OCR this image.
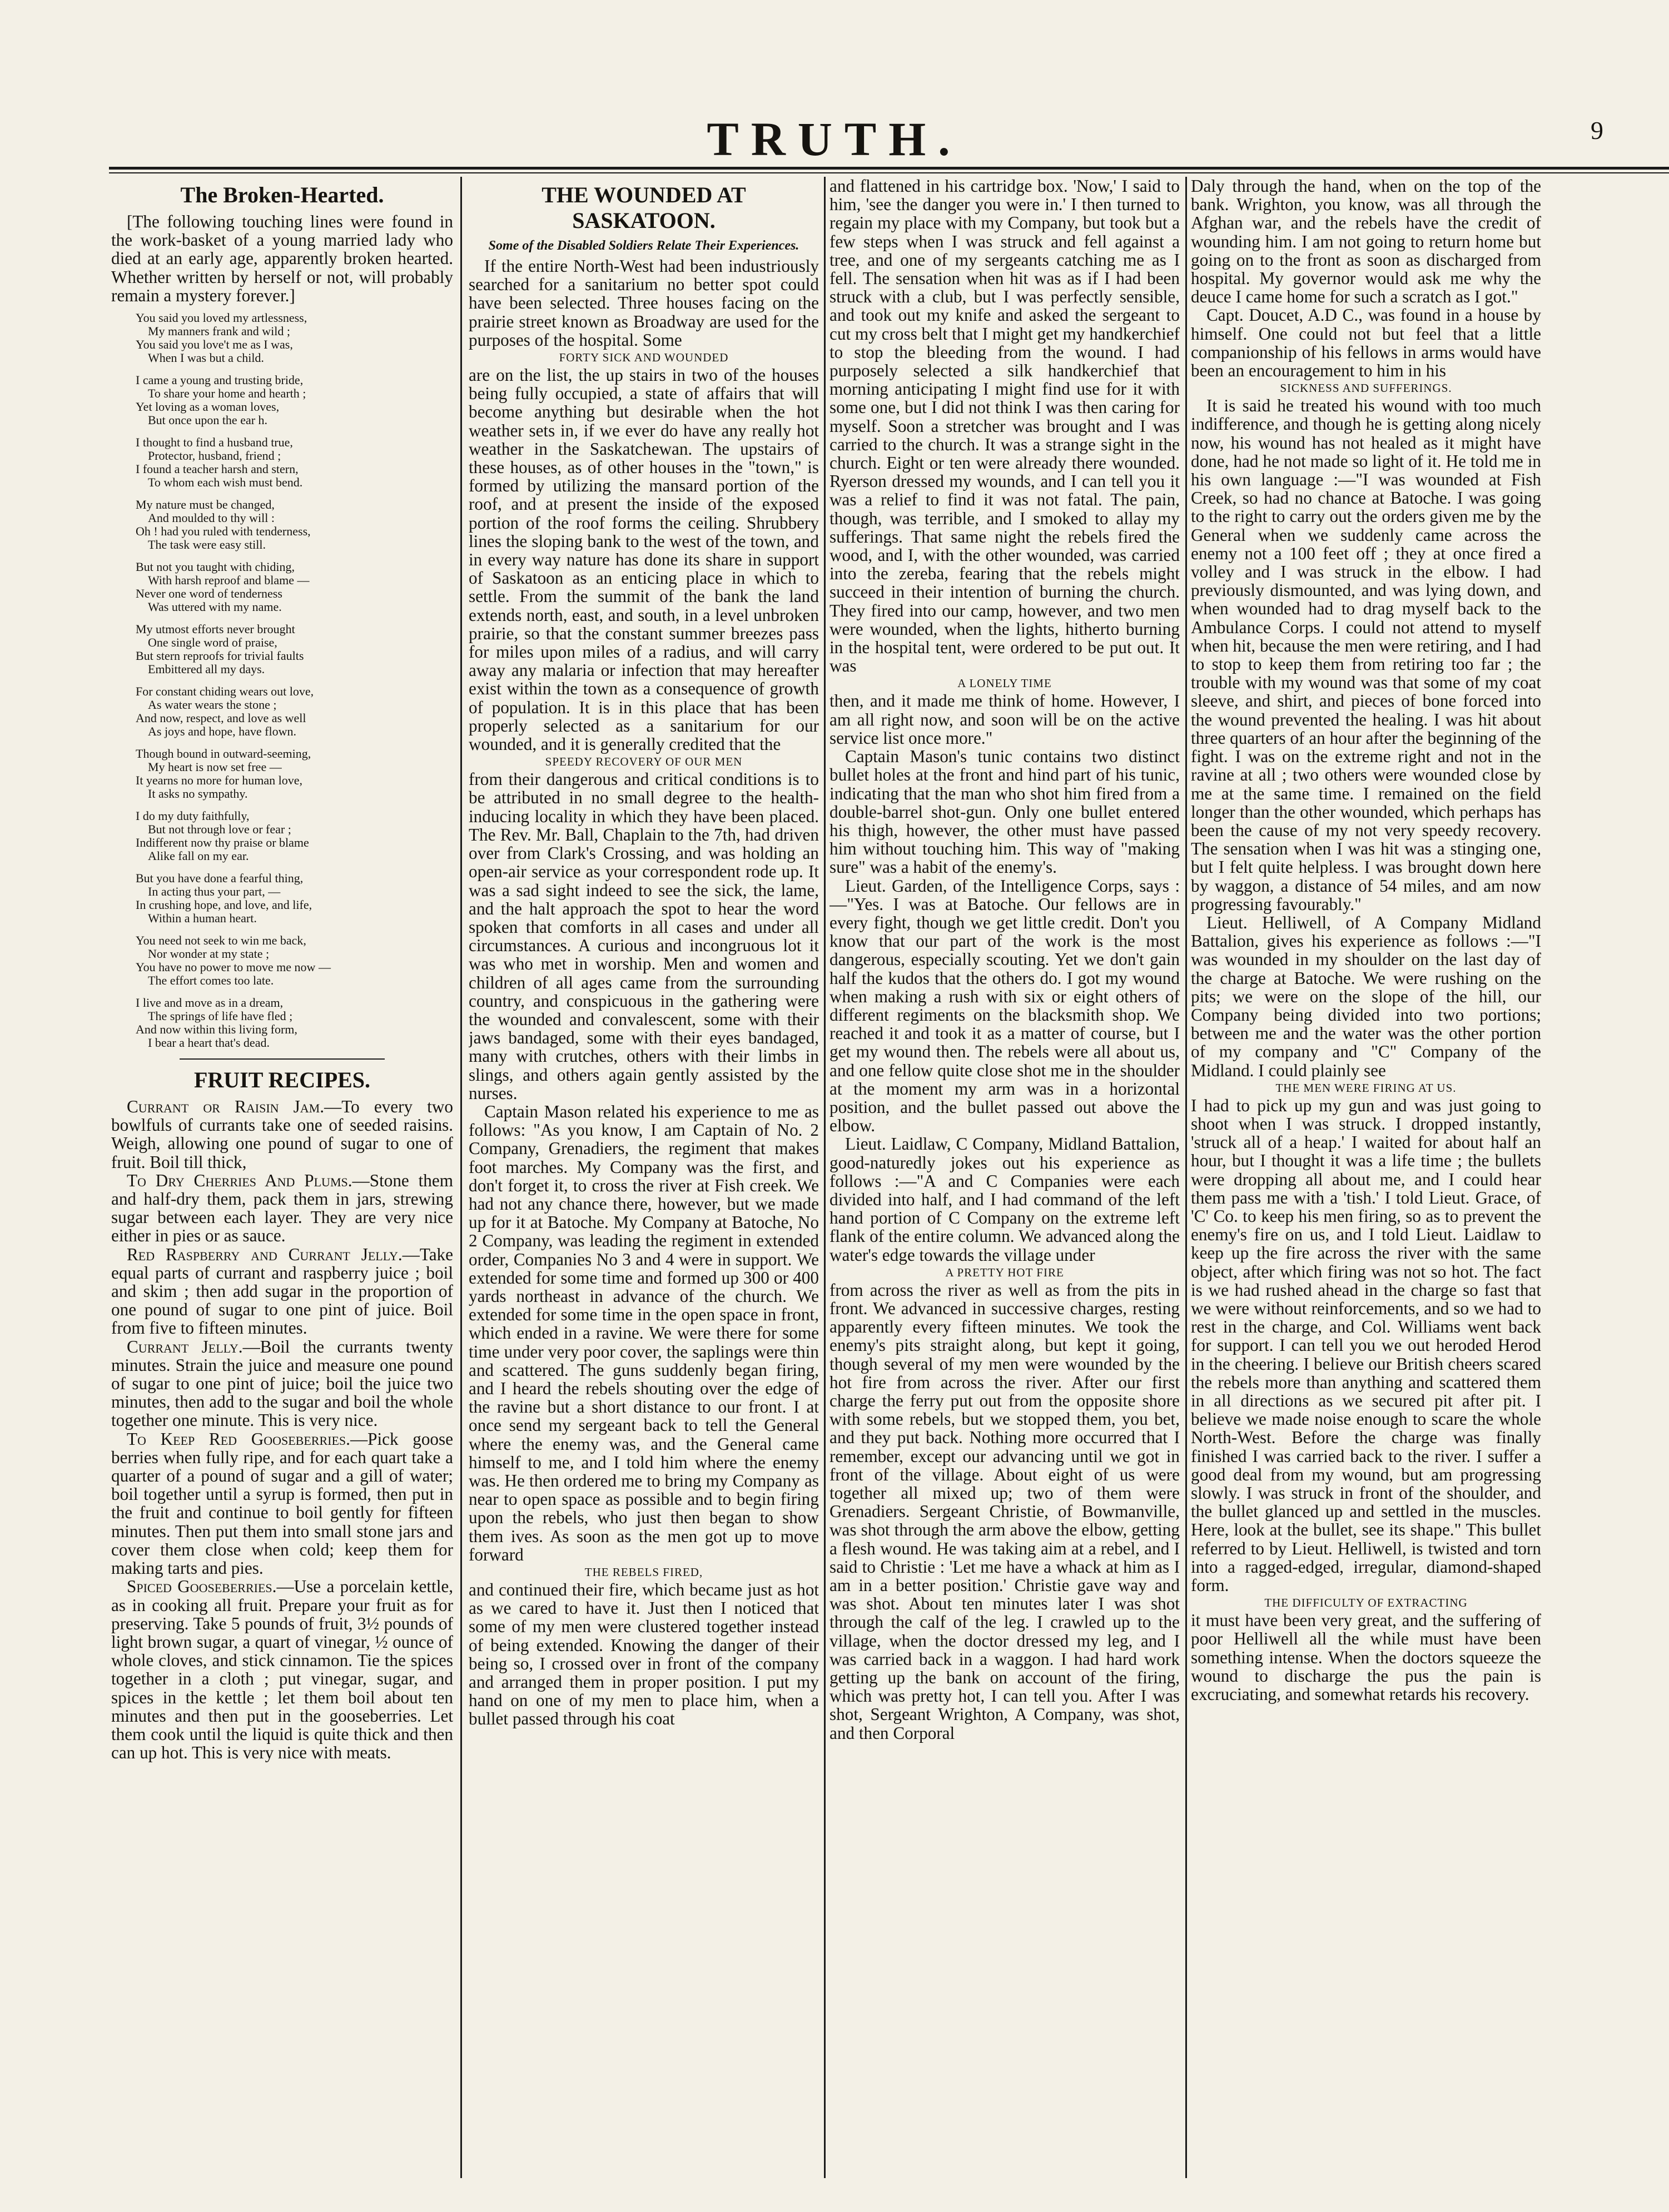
TRUTH.	9
The Broken-Hearted.

[The following touching lines were found in the work-basket of a young married lady who died at an early age, apparently broken hearted. Whether written by herself or not, will probably remain a mystery forever.]

You said you loved my artlessness,
My manners frank and wild ;
You said you love't me as I was,
When I was but a child.
I came a young and trusting bride,
To share your home and hearth ;
Yet loving as a woman loves,
But once upon the ear h.
I thought to find a husband true,
Protector, husband, friend ;
I found a teacher harsh and stern,
To whom each wish must bend.
My nature must be changed,
And moulded to thy will :
Oh ! had you ruled with tenderness,
The task were easy still.
But not you taught with chiding,
With harsh reproof and blame —
Never one word of tenderness
Was uttered with my name.
My utmost efforts never brought
One single word of praise,
But stern reproofs for trivial faults
Embittered all my days.
For constant chiding wears out love,
As water wears the stone ;
And now, respect, and love as well
As joys and hope, have flown.
Though bound in outward-seeming,
My heart is now set free —
It yearns no more for human love,
It asks no sympathy.
I do my duty faithfully,
But not through love or fear ;
Indifferent now thy praise or blame
Alike fall on my ear.
But you have done a fearful thing,
In acting thus your part, —
In crushing hope, and love, and life,
Within a human heart.
You need not seek to win me back,
Nor wonder at my state ;
You have no power to move me now —
The effort comes too late.
I live and move as in a dream,
The springs of life have fled ;
And now within this living form,
I bear a heart that's dead.
FRUIT RECIPES.

Currant or Raisin Jam.—To every two bowlfuls of currants take one of seeded raisins. Weigh, allowing one pound of sugar to one of fruit. Boil till thick,

To Dry Cherries And Plums.—Stone them and half-dry them, pack them in jars, strewing sugar between each layer. They are very nice either in pies or as sauce.

Red Raspberry and Currant Jelly.—Take equal parts of currant and raspberry juice ; boil and skim ; then add sugar in the proportion of one pound of sugar to one pint of juice. Boil from five to fifteen minutes.

Currant Jelly.—Boil the currants twenty minutes. Strain the juice and measure one pound of sugar to one pint of juice; boil the juice two minutes, then add to the sugar and boil the whole together one minute. This is very nice.

To Keep Red Gooseberries.—Pick goose berries when fully ripe, and for each quart take a quarter of a pound of sugar and a gill of water; boil together until a syrup is formed, then put in the fruit and continue to boil gently for fifteen minutes. Then put them into small stone jars and cover them close when cold; keep them for making tarts and pies.

Spiced Gooseberries.—Use a porcelain kettle, as in cooking all fruit. Prepare your fruit as for preserving. Take 5 pounds of fruit, 3½ pounds of light brown sugar, a quart of vinegar, ½ ounce of whole cloves, and stick cinnamon. Tie the spices together in a cloth ; put vinegar, sugar, and spices in the kettle ; let them boil about ten minutes and then put in the gooseberries. Let them cook until the liquid is quite thick and then can up hot. This is very nice with meats.

THE WOUNDED AT SASKATOON.
Some of the Disabled Soldiers Relate Their Experiences.

If the entire North-West had been industriously searched for a sanitarium no better spot could have been selected. Three houses facing on the prairie street known as Broadway are used for the purposes of the hospital. Some

FORTY SICK AND WOUNDED

are on the list, the up stairs in two of the houses being fully occupied, a state of affairs that will become anything but desirable when the hot weather sets in, if we ever do have any really hot weather in the Saskatchewan. The upstairs of these houses, as of other houses in the "town," is formed by utilizing the mansard portion of the roof, and at present the inside of the exposed portion of the roof forms the ceiling. Shrubbery lines the sloping bank to the west of the town, and in every way nature has done its share in support of Saskatoon as an enticing place in which to settle. From the summit of the bank the land extends north, east, and south, in a level unbroken prairie, so that the constant summer breezes pass for miles upon miles of a radius, and will carry away any malaria or infection that may hereafter exist within the town as a consequence of growth of population. It is in this place that has been properly selected as a sanitarium for our wounded, and it is generally credited that the

SPEEDY RECOVERY OF OUR MEN

from their dangerous and critical conditions is to be attributed in no small degree to the health-inducing locality in which they have been placed. The Rev. Mr. Ball, Chaplain to the 7th, had driven over from Clark's Crossing, and was holding an open-air service as your correspondent rode up. It was a sad sight indeed to see the sick, the lame, and the halt approach the spot to hear the word spoken that comforts in all cases and under all circumstances. A curious and incongruous lot it was who met in worship. Men and women and children of all ages came from the surrounding country, and conspicuous in the gathering were the wounded and convalescent, some with their jaws bandaged, some with their eyes bandaged, many with crutches, others with their limbs in slings, and others again gently assisted by the nurses.

Captain Mason related his experience to me as follows: "As you know, I am Captain of No. 2 Company, Grenadiers, the regiment that makes foot marches. My Company was the first, and don't forget it, to cross the river at Fish creek. We had not any chance there, however, but we made up for it at Batoche. My Company at Batoche, No 2 Company, was leading the regiment in extended order, Companies No 3 and 4 were in support. We extended for some time and formed up 300 or 400 yards northeast in advance of the church. We extended for some time in the open space in front, which ended in a ravine. We were there for some time under very poor cover, the saplings were thin and scattered. The guns suddenly began firing, and I heard the rebels shouting over the edge of the ravine but a short distance to our front. I at once send my sergeant back to tell the General where the enemy was, and the General came himself to me, and I told him where the enemy was. He then ordered me to bring my Company as near to open space as possible and to begin firing upon the rebels, who just then began to show them ives. As soon as the men got up to move forward

THE REBELS FIRED,

and continued their fire, which became just as hot as we cared to have it. Just then I noticed that some of my men were clustered together instead of being extended. Knowing the danger of their being so, I crossed over in front of the company and arranged them in proper position. I put my hand on one of my men to place him, when a bullet passed through his coat

and flattened in his cartridge box. 'Now,' I said to him, 'see the danger you were in.' I then turned to regain my place with my Company, but took but a few steps when I was struck and fell against a tree, and one of my sergeants catching me as I fell. The sensation when hit was as if I had been struck with a club, but I was perfectly sensible, and took out my knife and asked the sergeant to cut my cross belt that I might get my handkerchief to stop the bleeding from the wound. I had purposely selected a silk handkerchief that morning anticipating I might find use for it with some one, but I did not think I was then caring for myself. Soon a stretcher was brought and I was carried to the church. It was a strange sight in the church. Eight or ten were already there wounded. Ryerson dressed my wounds, and I can tell you it was a relief to find it was not fatal. The pain, though, was terrible, and I smoked to allay my sufferings. That same night the rebels fired the wood, and I, with the other wounded, was carried into the zereba, fearing that the rebels might succeed in their intention of burning the church. They fired into our camp, however, and two men were wounded, when the lights, hitherto burning in the hospital tent, were ordered to be put out. It was

A LONELY TIME

then, and it made me think of home. However, I am all right now, and soon will be on the active service list once more."

Captain Mason's tunic contains two distinct bullet holes at the front and hind part of his tunic, indicating that the man who shot him fired from a double-barrel shot-gun. Only one bullet entered his thigh, however, the other must have passed him without touching him. This way of "making sure" was a habit of the enemy's.

Lieut. Garden, of the Intelligence Corps, says :—"Yes. I was at Batoche. Our fellows are in every fight, though we get little credit. Don't you know that our part of the work is the most dangerous, especially scouting. Yet we don't gain half the kudos that the others do. I got my wound when making a rush with six or eight others of different regiments on the blacksmith shop. We reached it and took it as a matter of course, but I get my wound then. The rebels were all about us, and one fellow quite close shot me in the shoulder at the moment my arm was in a horizontal position, and the bullet passed out above the elbow.

Lieut. Laidlaw, C Company, Midland Battalion, good-naturedly jokes out his experience as follows :—"A and C Companies were each divided into half, and I had command of the left hand portion of C Company on the extreme left flank of the entire column. We advanced along the water's edge towards the village under

A PRETTY HOT FIRE

from across the river as well as from the pits in front. We advanced in successive charges, resting apparently every fifteen minutes. We took the enemy's pits straight along, but kept it going, though several of my men were wounded by the hot fire from across the river. After our first charge the ferry put out from the opposite shore with some rebels, but we stopped them, you bet, and they put back. Nothing more occurred that I remember, except our advancing until we got in front of the village. About eight of us were together all mixed up; two of them were Grenadiers. Sergeant Christie, of Bowmanville, was shot through the arm above the elbow, getting a flesh wound. He was taking aim at a rebel, and I said to Christie : 'Let me have a whack at him as I am in a better position.' Christie gave way and was shot. About ten minutes later I was shot through the calf of the leg. I crawled up to the village, when the doctor dressed my leg, and I was carried back in a waggon. I had hard work getting up the bank on account of the firing, which was pretty hot, I can tell you. After I was shot, Sergeant Wrighton, A Company, was shot, and then Corporal

Daly through the hand, when on the top of the bank. Wrighton, you know, was all through the Afghan war, and the rebels have the credit of wounding him. I am not going to return home but going on to the front as soon as discharged from hospital. My governor would ask me why the deuce I came home for such a scratch as I got."

Capt. Doucet, A.D C., was found in a house by himself. One could not but feel that a little companionship of his fellows in arms would have been an encouragement to him in his

SICKNESS AND SUFFERINGS.

It is said he treated his wound with too much indifference, and though he is getting along nicely now, his wound has not healed as it might have done, had he not made so light of it. He told me in his own language :—"I was wounded at Fish Creek, so had no chance at Batoche. I was going to the right to carry out the orders given me by the General when we suddenly came across the enemy not a 100 feet off ; they at once fired a volley and I was struck in the elbow. I had previously dismounted, and was lying down, and when wounded had to drag myself back to the Ambulance Corps. I could not attend to myself when hit, because the men were retiring, and I had to stop to keep them from retiring too far ; the trouble with my wound was that some of my coat sleeve, and shirt, and pieces of bone forced into the wound prevented the healing. I was hit about three quarters of an hour after the beginning of the fight. I was on the extreme right and not in the ravine at all ; two others were wounded close by me at the same time. I remained on the field longer than the other wounded, which perhaps has been the cause of my not very speedy recovery. The sensation when I was hit was a stinging one, but I felt quite helpless. I was brought down here by waggon, a distance of 54 miles, and am now progressing favourably."

Lieut. Helliwell, of A Company Midland Battalion, gives his experience as follows :—"I was wounded in my shoulder on the last day of the charge at Batoche. We were rushing on the pits; we were on the slope of the hill, our Company being divided into two portions; between me and the water was the other portion of my company and "C" Company of the Midland. I could plainly see

THE MEN WERE FIRING AT US.

I had to pick up my gun and was just going to shoot when I was struck. I dropped instantly, 'struck all of a heap.' I waited for about half an hour, but I thought it was a life time ; the bullets were dropping all about me, and I could hear them pass me with a 'tish.' I told Lieut. Grace, of 'C' Co. to keep his men firing, so as to prevent the enemy's fire on us, and I told Lieut. Laidlaw to keep up the fire across the river with the same object, after which firing was not so hot. The fact is we had rushed ahead in the charge so fast that we were without reinforcements, and so we had to rest in the charge, and Col. Williams went back for support. I can tell you we out heroded Herod in the cheering. I believe our British cheers scared the rebels more than anything and scattered them in all directions as we secured pit after pit. I believe we made noise enough to scare the whole North-West. Before the charge was finally finished I was carried back to the river. I suffer a good deal from my wound, but am progressing slowly. I was struck in front of the shoulder, and the bullet glanced up and settled in the muscles. Here, look at the bullet, see its shape." This bullet referred to by Lieut. Helliwell, is twisted and torn into a ragged-edged, irregular, diamond-shaped form.

THE DIFFICULTY OF EXTRACTING

it must have been very great, and the suffering of poor Helliwell all the while must have been something intense. When the doctors squeeze the wound to discharge the pus the pain is excruciating, and somewhat retards his recovery.
